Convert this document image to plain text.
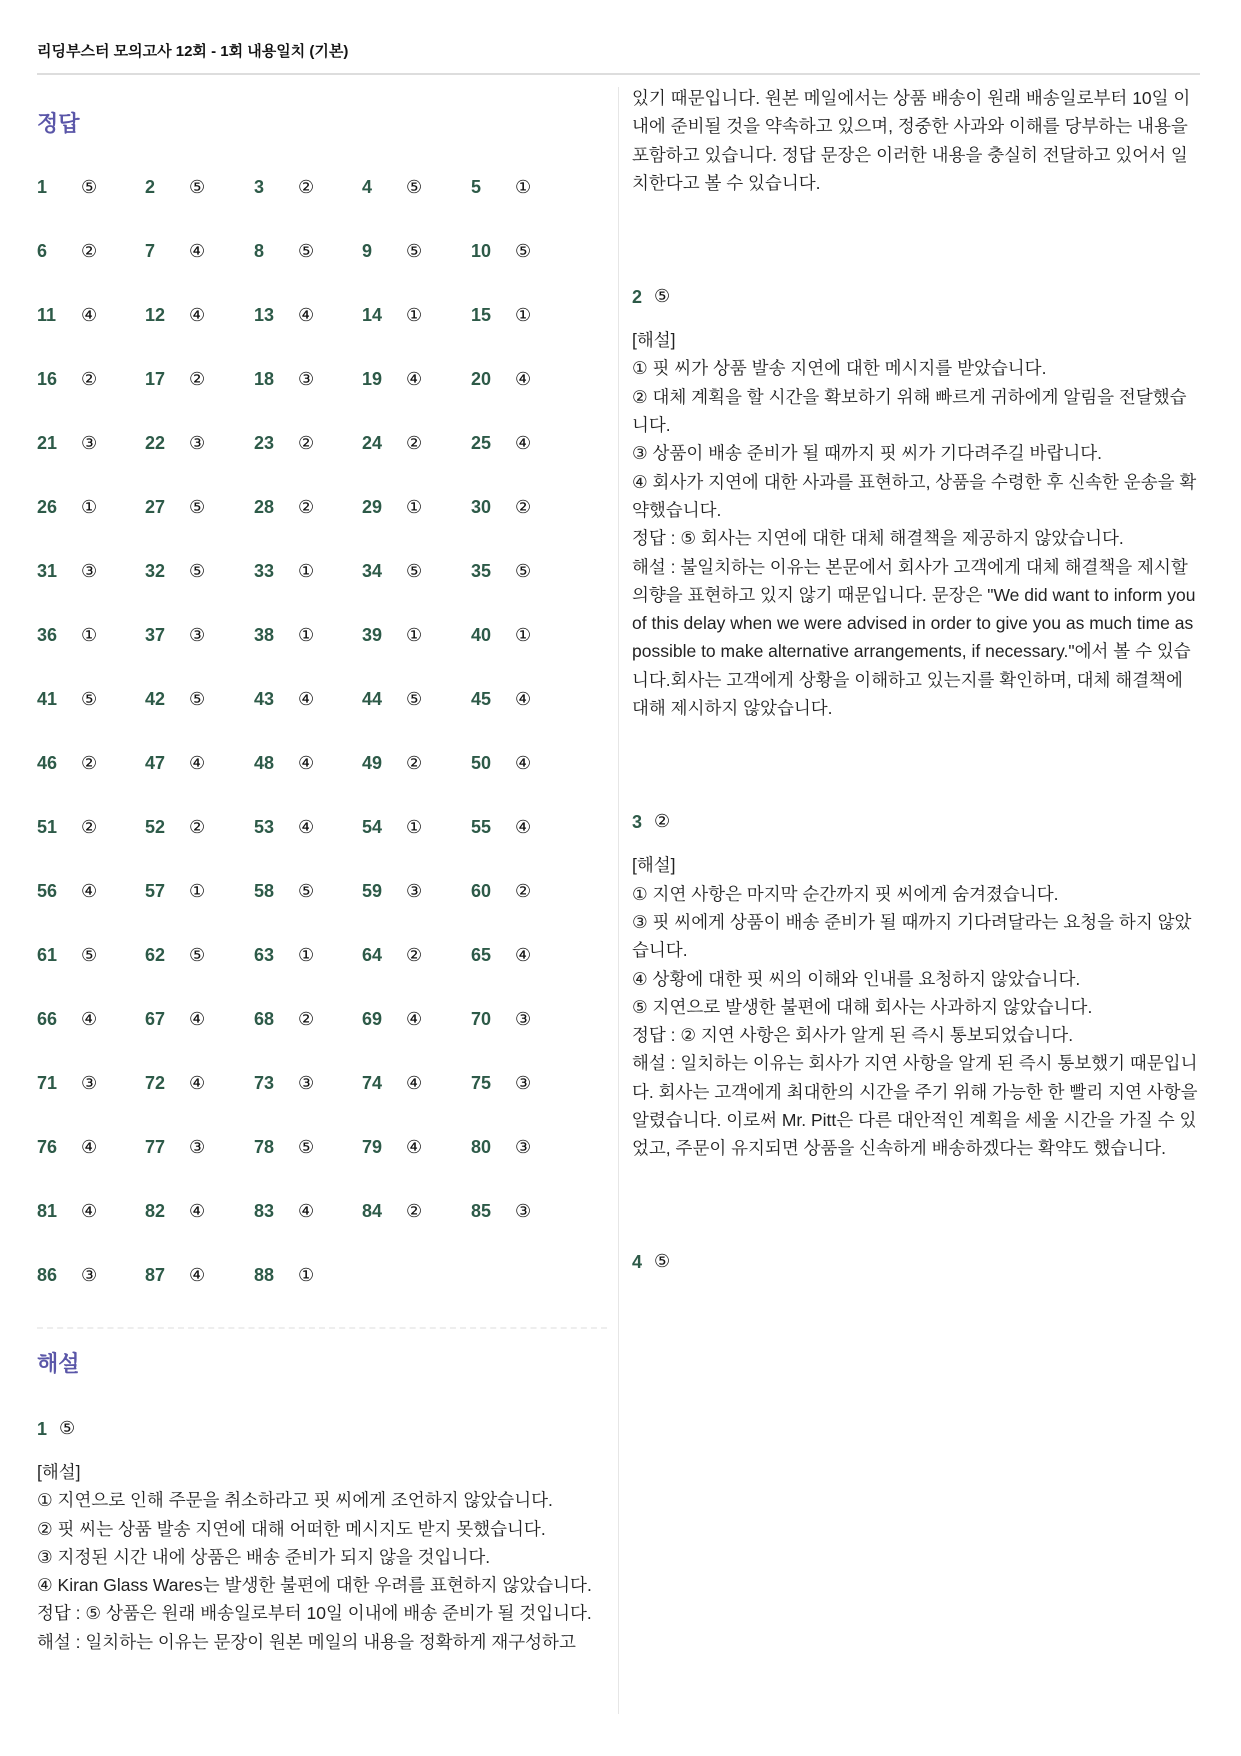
리딩부스터 모의고사 12회 - 1회 내용일치 (기본)
정답
1	⑤	2	⑤	3	②	4	⑤	5	①
6	②	7	④	8	⑤	9	⑤	10	⑤
11	④	12	④	13	④	14	①	15	①
16	②	17	②	18	③	19	④	20	④
21	③	22	③	23	②	24	②	25	④
26	①	27	⑤	28	②	29	①	30	②
31	③	32	⑤	33	①	34	⑤	35	⑤
36	①	37	③	38	①	39	①	40	①
41	⑤	42	⑤	43	④	44	⑤	45	④
46	②	47	④	48	④	49	②	50	④
51	②	52	②	53	④	54	①	55	④
56	④	57	①	58	⑤	59	③	60	②
61	⑤	62	⑤	63	①	64	②	65	④
66	④	67	④	68	②	69	④	70	③
71	③	72	④	73	③	74	④	75	③
76	④	77	③	78	⑤	79	④	80	③
81	④	82	④	83	④	84	②	85	③
86	③	87	④	88	①
해설
1 ⑤

[해설]

① 지연으로 인해 주문을 취소하라고 핏 씨에게 조언하지 않았습니다.

② 핏 씨는 상품 발송 지연에 대해 어떠한 메시지도 받지 못했습니다.

③ 지정된 시간 내에 상품은 배송 준비가 되지 않을 것입니다.

④ Kiran Glass Wares는 발생한 불편에 대한 우려를 표현하지 않았습니다.

정답 : ⑤ 상품은 원래 배송일로부터 10일 이내에 배송 준비가 될 것입니다.

해설 : 일치하는 이유는 문장이 원본 메일의 내용을 정확하게 재구성하고

있기 때문입니다. 원본 메일에서는 상품 배송이 원래 배송일로부터 10일 이내에 준비될 것을 약속하고 있으며, 정중한 사과와 이해를 당부하는 내용을 포함하고 있습니다. 정답 문장은 이러한 내용을 충실히 전달하고 있어서 일치한다고 볼 수 있습니다.

2 ⑤

[해설]

① 핏 씨가 상품 발송 지연에 대한 메시지를 받았습니다.

② 대체 계획을 할 시간을 확보하기 위해 빠르게 귀하에게 알림을 전달했습니다.

③ 상품이 배송 준비가 될 때까지 핏 씨가 기다려주길 바랍니다.

④ 회사가 지연에 대한 사과를 표현하고, 상품을 수령한 후 신속한 운송을 확약했습니다.

정답 : ⑤ 회사는 지연에 대한 대체 해결책을 제공하지 않았습니다.

해설 : 불일치하는 이유는 본문에서 회사가 고객에게 대체 해결책을 제시할 의향을 표현하고 있지 않기 때문입니다. 문장은 "We did want to inform you of this delay when we were advised in order to give you as much time as possible to make alternative arrangements, if necessary."에서 볼 수 있습니다.회사는 고객에게 상황을 이해하고 있는지를 확인하며, 대체 해결책에 대해 제시하지 않았습니다.

3 ②

[해설]

① 지연 사항은 마지막 순간까지 핏 씨에게 숨겨졌습니다.

③ 핏 씨에게 상품이 배송 준비가 될 때까지 기다려달라는 요청을 하지 않았습니다.

④ 상황에 대한 핏 씨의 이해와 인내를 요청하지 않았습니다.

⑤ 지연으로 발생한 불편에 대해 회사는 사과하지 않았습니다.

정답 : ② 지연 사항은 회사가 알게 된 즉시 통보되었습니다.

해설 : 일치하는 이유는 회사가 지연 사항을 알게 된 즉시 통보했기 때문입니다. 회사는 고객에게 최대한의 시간을 주기 위해 가능한 한 빨리 지연 사항을 알렸습니다. 이로써 Mr. Pitt은 다른 대안적인 계획을 세울 시간을 가질 수 있었고, 주문이 유지되면 상품을 신속하게 배송하겠다는 확약도 했습니다.

4 ⑤
